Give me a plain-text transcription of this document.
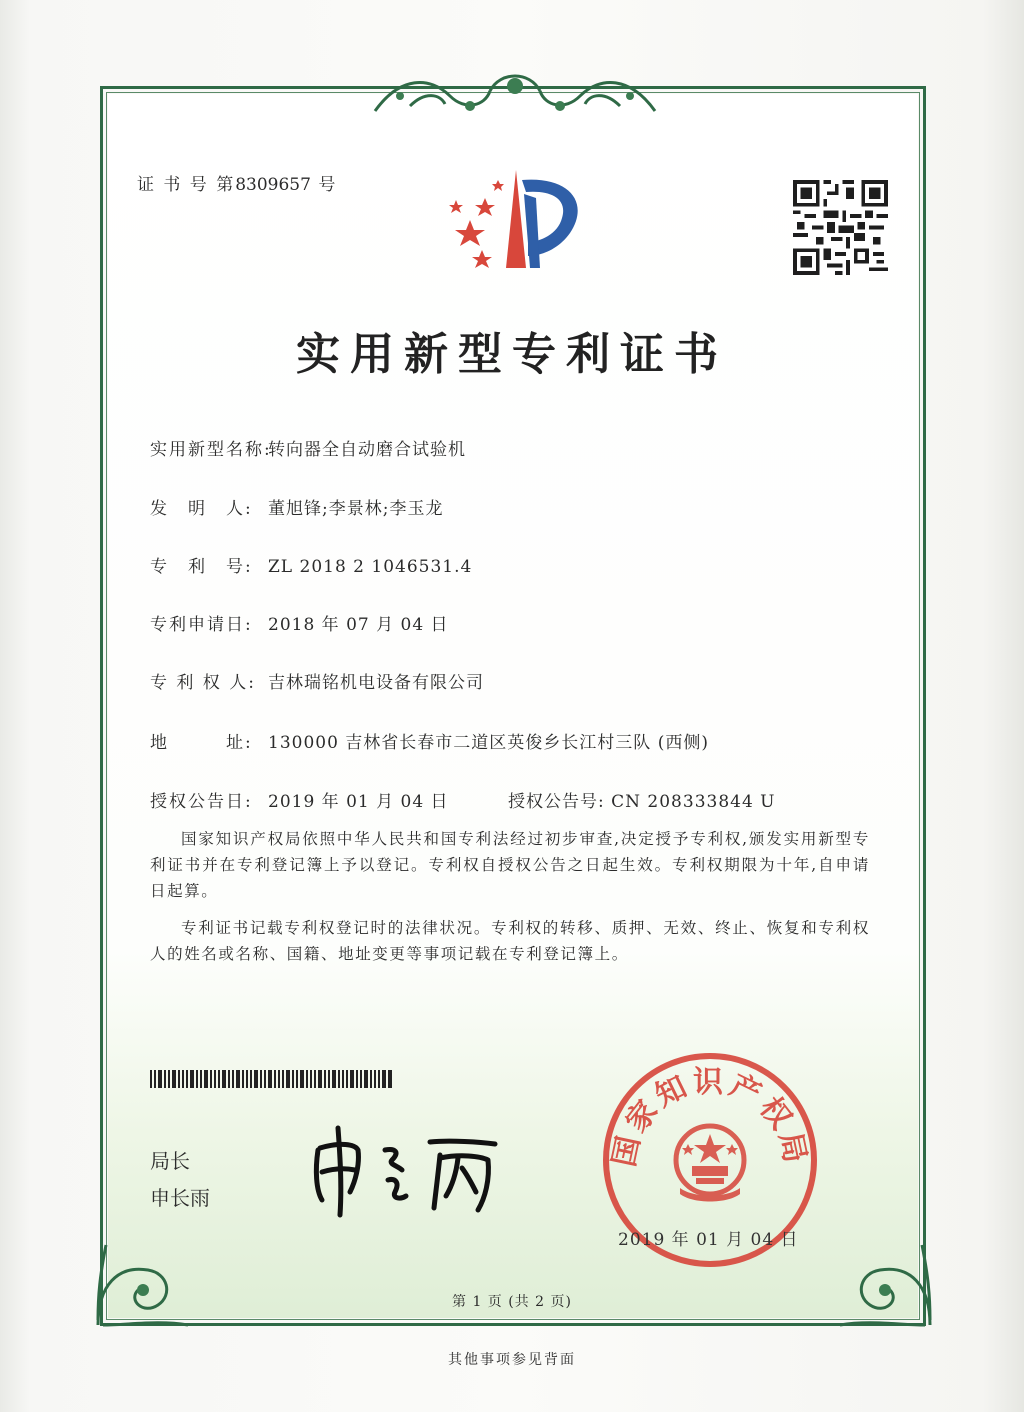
证 书 号 第8309657 号
实用新型专利证书
实用新型名称:转向器全自动磨合试验机
发　明　人: 董旭锋;李景林;李玉龙
专　利　号: ZL 2018 2 1046531.4
专利申请日: 2018 年 07 月 04 日
专 利 权 人: 吉林瑞铭机电设备有限公司
地　　　址: 130000 吉林省长春市二道区英俊乡长江村三队 (西侧)
授权公告日: 2019 年 01 月 04 日	授权公告号: CN 208333844 U

国家知识产权局依照中华人民共和国专利法经过初步审查,决定授予专利权,颁发实用新型专利证书并在专利登记簿上予以登记。专利权自授权公告之日起生效。专利权期限为十年,自申请日起算。

专利证书记载专利权登记时的法律状况。专利权的转移、质押、无效、终止、恢复和专利权人的姓名或名称、国籍、地址变更等事项记载在专利登记簿上。

局长
申长雨
国家知识产权局
2019 年 01 月 04 日
第 1 页 (共 2 页)
其他事项参见背面
